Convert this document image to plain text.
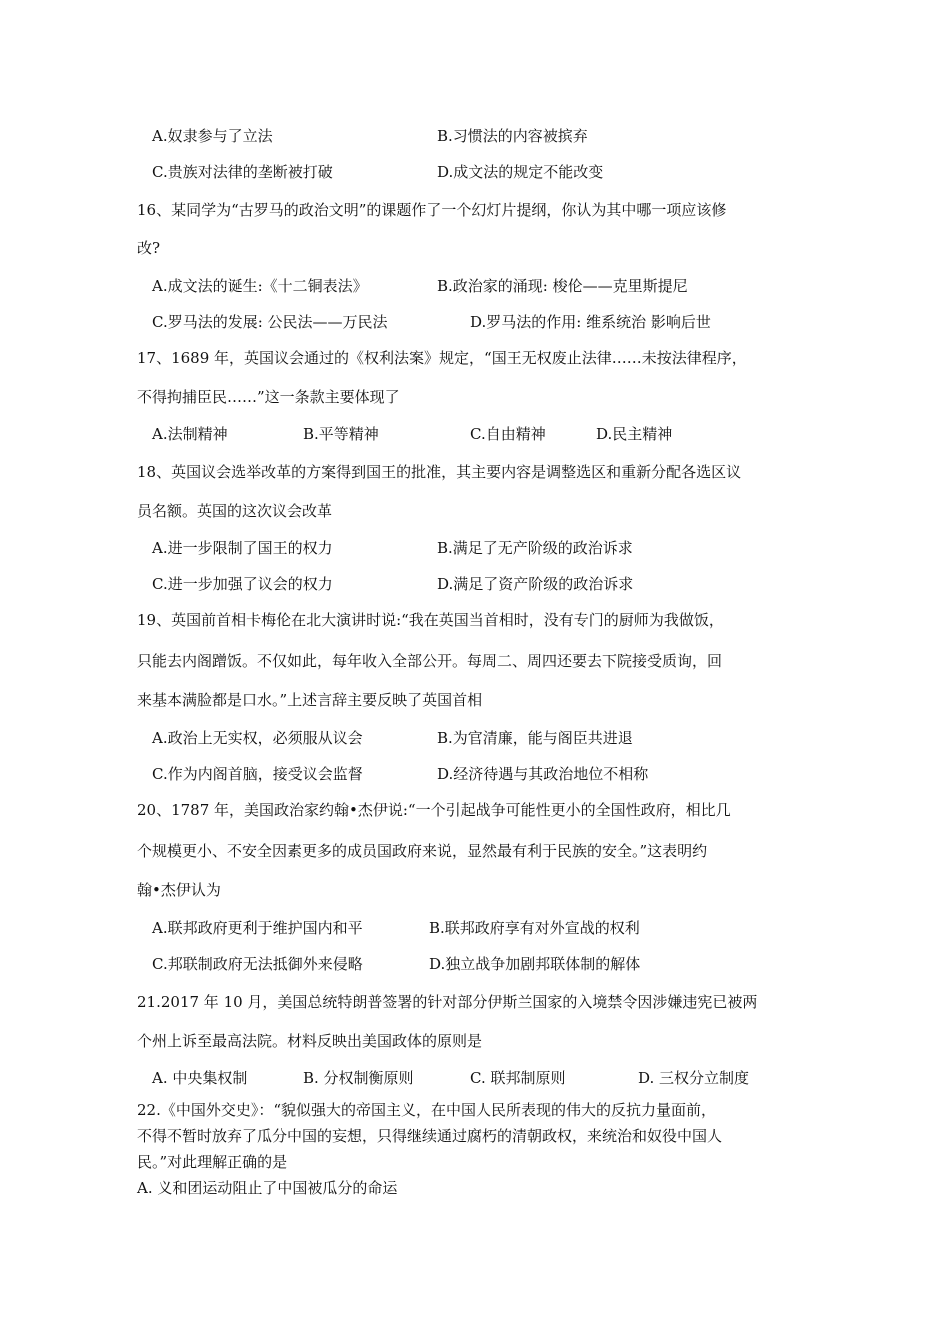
A.奴隶参与了立法	B.习惯法的内容被摈弃
C.贵族对法律的垄断被打破	D.成文法的规定不能改变
16、某同学为“古罗马的政治文明”的课题作了一个幻灯片提纲，你认为其中哪一项应该修
改?
A.成文法的诞生:《十二铜表法》	B.政治家的涌现: 梭伦——克里斯提尼
C.罗马法的发展: 公民法——万民法	D.罗马法的作用: 维系统治 影响后世
17、1689 年，英国议会通过的《权利法案》规定，“国王无权废止法律……未按法律程序，
不得拘捕臣民……”这一条款主要体现了
A.法制精神	B.平等精神	C.自由精神	D.民主精神
18、英国议会选举改革的方案得到国王的批准，其主要内容是调整选区和重新分配各选区议
员名额。英国的这次议会改革
A.进一步限制了国王的权力	B.满足了无产阶级的政治诉求
C.进一步加强了议会的权力	D.满足了资产阶级的政治诉求
19、英国前首相卡梅伦在北大演讲时说:“我在英国当首相时，没有专门的厨师为我做饭，
只能去内阁蹭饭。不仅如此，每年收入全部公开。每周二、周四还要去下院接受质询，回
来基本满脸都是口水。”上述言辞主要反映了英国首相
A.政治上无实权，必须服从议会	B.为官清廉，能与阁臣共进退
C.作为内阁首脑，接受议会监督	D.经济待遇与其政治地位不相称
20、1787 年，美国政治家约翰•杰伊说:“一个引起战争可能性更小的全国性政府，相比几
个规模更小、不安全因素更多的成员国政府来说，显然最有利于民族的安全。”这表明约
翰•杰伊认为
A.联邦政府更利于维护国内和平	B.联邦政府享有对外宣战的权利
C.邦联制政府无法抵御外来侵略	D.独立战争加剧邦联体制的解体
21.2017 年 10 月，美国总统特朗普签署的针对部分伊斯兰国家的入境禁令因涉嫌违宪已被两
个州上诉至最高法院。材料反映出美国政体的原则是
A. 中央集权制	B. 分权制衡原则	C. 联邦制原则	D. 三权分立制度
22.《中国外交史》：“貌似强大的帝国主义，在中国人民所表现的伟大的反抗力量面前，
不得不暂时放弃了瓜分中国的妄想，只得继续通过腐朽的清朝政权，来统治和奴役中国人
民。”对此理解正确的是
A. 义和团运动阻止了中国被瓜分的命运
